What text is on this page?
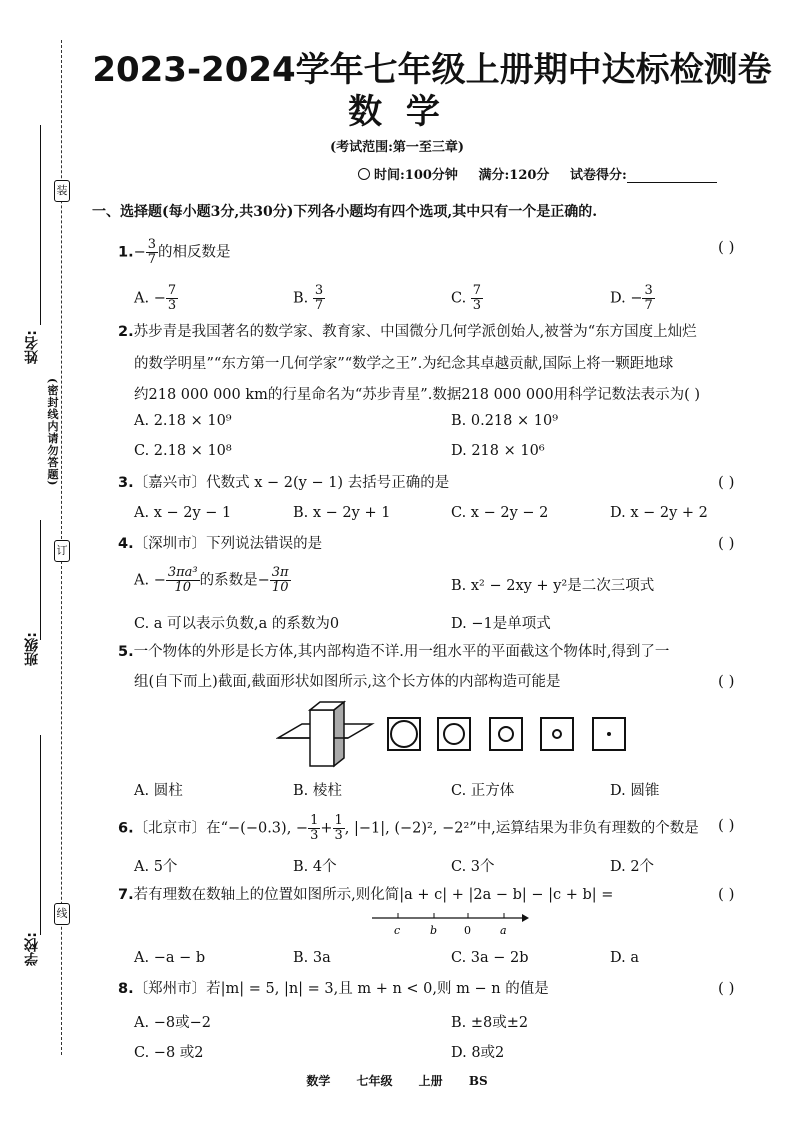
姓名:
班级:
学校:
装
订
线
(密封线内请勿答题)
2023-2024学年七年级上册期中达标检测卷
数 学
(考试范围:第一至三章)
时间:100分钟 满分:120分 试卷得分:
一、选择题(每小题3分,共30分)下列各小题均有四个选项,其中只有一个是正确的.
$1.- \frac{3}{7}$ 的相反数是	( )
A. − $\frac{7}{3}$	B. $\frac{3}{7}$	C. $\frac{7}{3}$	D. − $\frac{3}{7}$
2.苏步青是我国著名的数学家、教育家、中国微分几何学派创始人,被誉为“东方国度上灿烂
的数学明星”“东方第一几何学家”“数学之王”.为纪念其卓越贡献,国际上将一颗距地球
约218 000 000 km的行星命名为“苏步青星”.数据218 000 000用科学记数法表示为( )
A. 2.18 × 10⁹	B. 0.218 × 10⁹
C. 2.18 × 10⁸	D. 218 × 10⁶
3.〔嘉兴市〕代数式 x − 2(y − 1) 去括号正确的是	( )
A. x − 2y − 1	B. x − 2y + 1	C. x − 2y − 2	D. x − 2y + 2
4.〔深圳市〕下列说法错误的是	( )
A. − $\frac{\text{3πa³}}{10}$ 的系数是− $\frac{3\pi}{10}$	B. x² − 2xy + y²是二次三项式
C. a 可以表示负数,a 的系数为0	D. −1是单项式
5.一个物体的外形是长方体,其内部构造不详.用一组水平的平面截这个物体时,得到了一
组(自下而上)截面,截面形状如图所示,这个长方体的内部构造可能是	( )
A. 圆柱	B. 棱柱	C. 正方体	D. 圆锥
6.〔北京市〕在“−(−0.3), − $\frac{1}{3} + \frac{1}{3}$ , |−1|, (−2)², −2²”中,运算结果为非负有理数的个数是 ( )
A. 5个	B. 4个	C. 3个	D. 2个
7.若有理数在数轴上的位置如图所示,则化简|a + c| + |2a − b| − |c + b| =	( )
c	b 0	a
A. −a − b	B. 3a	C. 3a − 2b	D. a
8.〔郑州市〕若|m| = 5, |n| = 3,且 m + n < 0,则 m − n 的值是	( )
A. −8或−2	B. ±8或±2
C. −8 或2	D. 8或2
数学 七年级 上册 BS
